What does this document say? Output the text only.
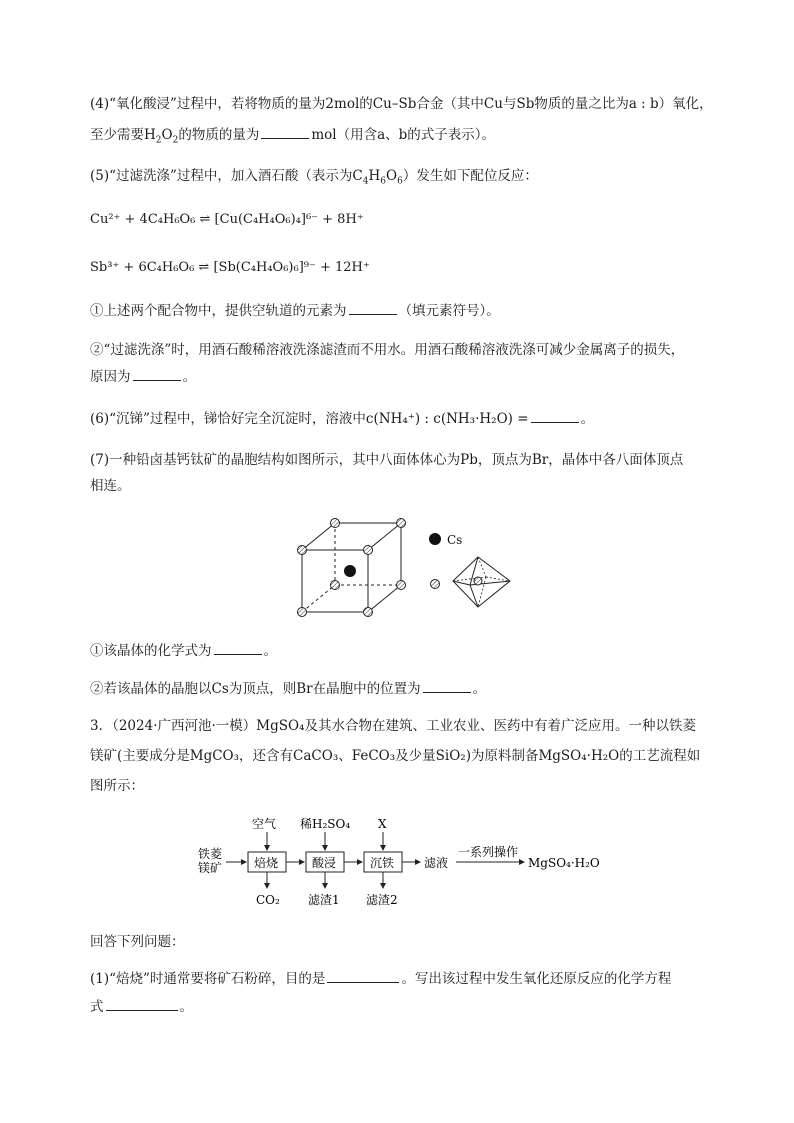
(4)“氧化酸浸”过程中，若将物质的量为2mol的Cu–Sb合金（其中Cu与Sb物质的量之比为a : b）氧化，
至少需要$H_2O_2$的物质的量为	mol（用含a、b的式子表示）。
(5)“过滤洗涤”过程中，加入酒石酸（表示为$C_4H_6O_6$）发生如下配位反应：
Cu²⁺ + 4C₄H₆O₆ ⇌ [Cu(C₄H₄O₆)₄]⁶⁻ + 8H⁺
Sb³⁺ + 6C₄H₆O₆ ⇌ [Sb(C₄H₄O₆)₆]⁹⁻ + 12H⁺
①上述两个配合物中，提供空轨道的元素为	（填元素符号）。
②“过滤洗涤”时，用酒石酸稀溶液洗涤滤渣而不用水。用酒石酸稀溶液洗涤可减少金属离子的损失，
原因为	。
(6)“沉锑”过程中，锑恰好完全沉淀时，溶液中c(NH₄⁺) : c(NH₃·H₂O) =	。
(7)一种铅卤基钙钛矿的晶胞结构如图所示，其中八面体体心为Pb，顶点为Br，晶体中各八面体顶点
相连。
Cs
①该晶体的化学式为	。
②若该晶体的晶胞以Cs为顶点，则Br在晶胞中的位置为	。
3．（2024·广西河池·一模）MgSO₄及其水合物在建筑、工业农业、医药中有着广泛应用。一种以铁菱
镁矿(主要成分是MgCO₃，还含有CaCO₃、FeCO₃及少量SiO₂)为原料制备MgSO₄·H₂O的工艺流程如
图所示：
铁菱
镁矿	焙烧
空气
CO₂
酸浸
稀H₂SO₄
滤渣1
沉铁
X
滤渣2
滤液
一系列操作
MgSO₄·H₂O
回答下列问题：
(1)“焙烧”时通常要将矿石粉碎，目的是	。写出该过程中发生氧化还原反应的化学方程
式	。
